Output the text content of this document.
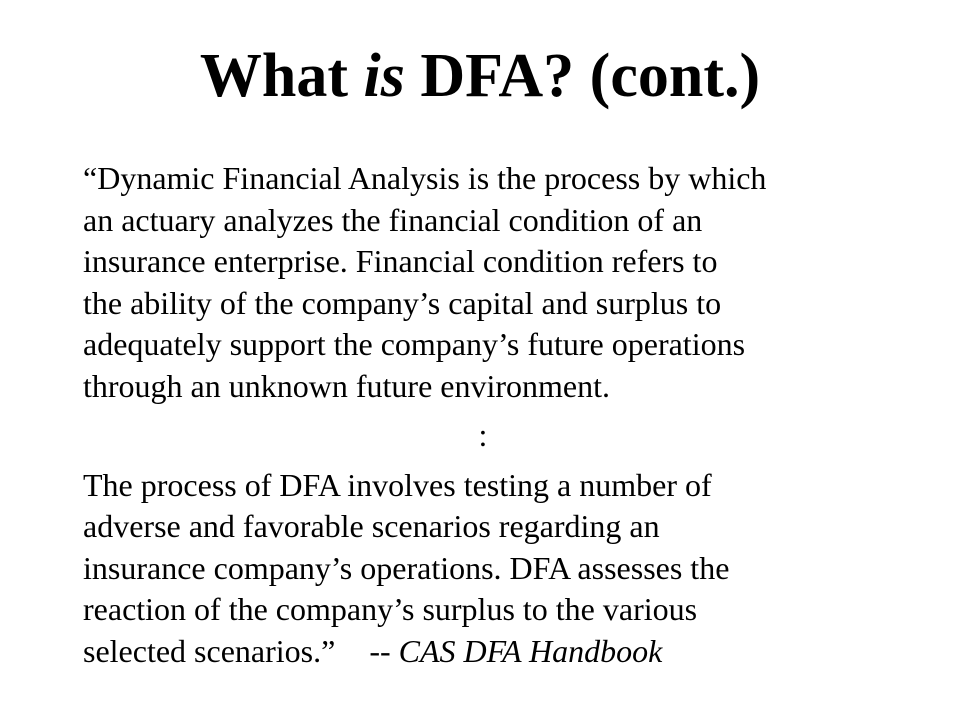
What is DFA? (cont.)
“Dynamic Financial Analysis is the process by which
an actuary analyzes the financial condition of an
insurance enterprise. Financial condition refers to
the ability of the company’s capital and surplus to
adequately support the company’s future operations
through an unknown future environment.
:
The process of DFA involves testing a number of
adverse and favorable scenarios regarding an
insurance company’s operations. DFA assesses the
reaction of the company’s surplus to the various
selected scenarios.” -- CAS DFA Handbook
